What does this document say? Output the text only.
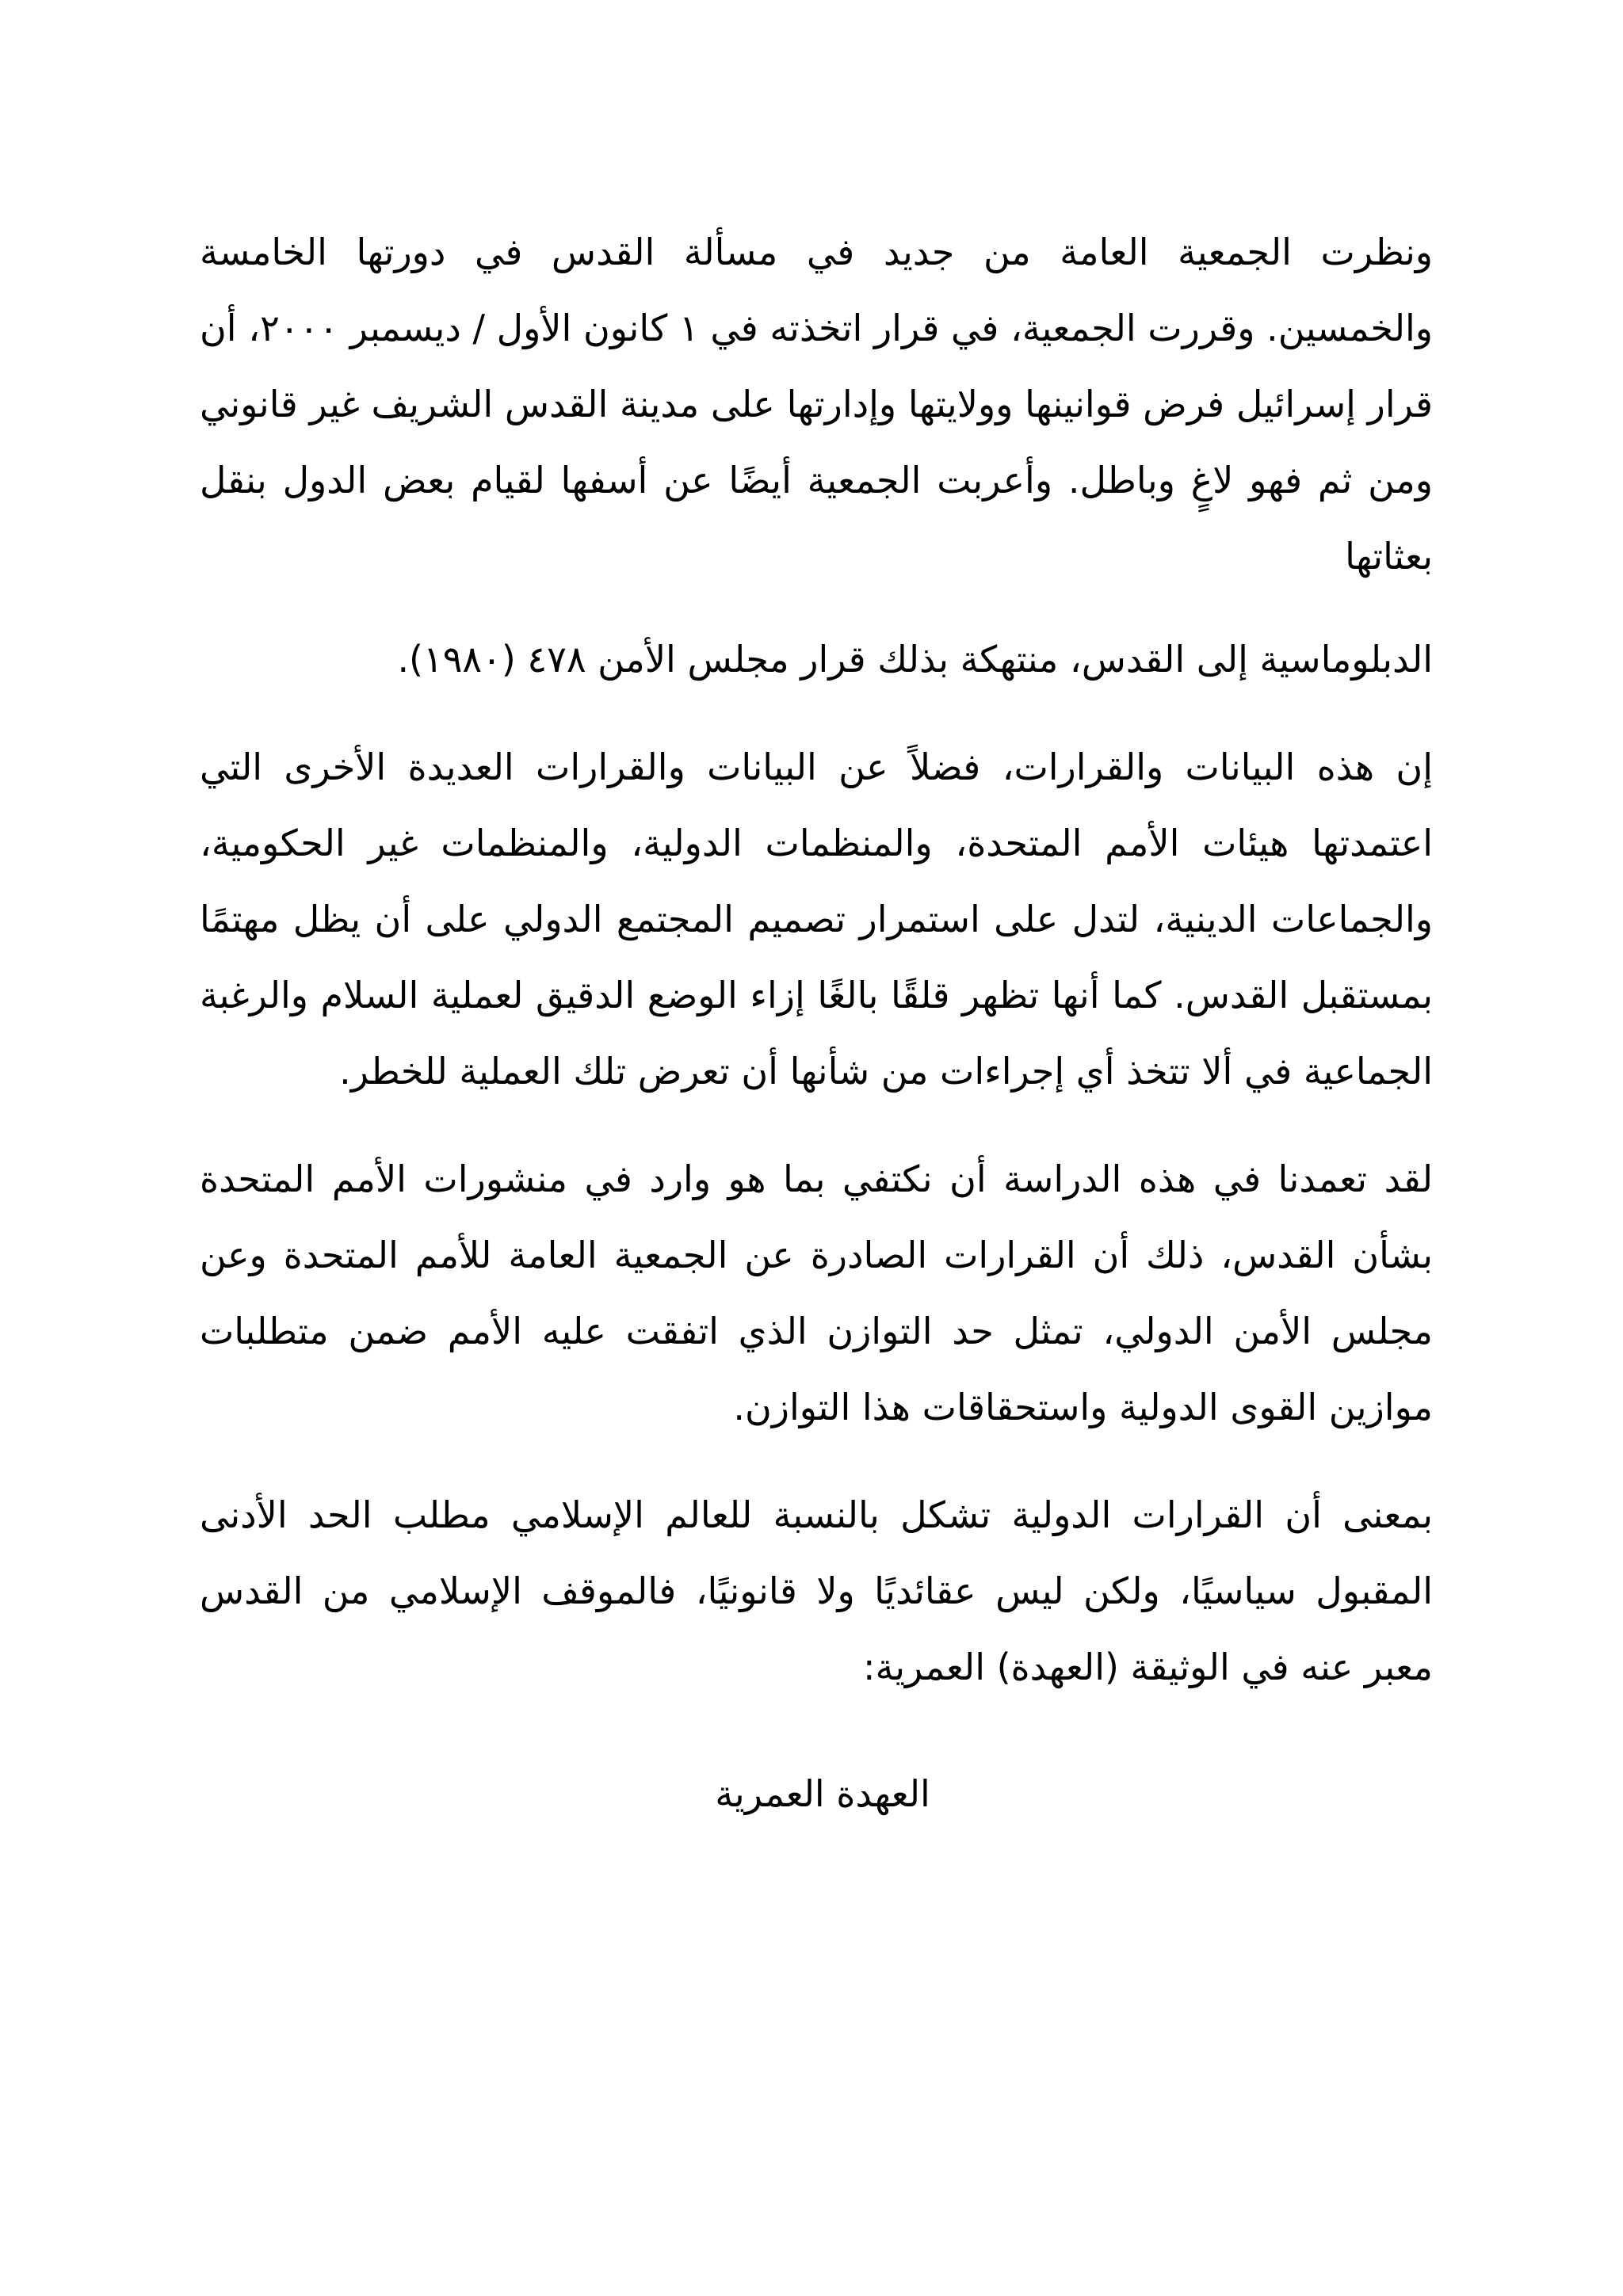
ونظرت الجمعية العامة من جديد في مسألة القدس في دورتها الخامسة والخمسين. وقررت الجمعية، في قرار اتخذته في ١ كانون الأول / ديسمبر ٢٠٠٠، أن قرار إسرائيل فرض قوانينها وولايتها وإدارتها على مدينة القدس الشريف غير قانوني ومن ثم فهو لاغٍ وباطل. وأعربت الجمعية أيضًا عن أسفها لقيام بعض الدول بنقل بعثاتها

الدبلوماسية إلى القدس، منتهكة بذلك قرار مجلس الأمن ٤٧٨ (١٩٨٠).

إن هذه البيانات والقرارات، فضلاً عن البيانات والقرارات العديدة الأخرى التي اعتمدتها هيئات الأمم المتحدة، والمنظمات الدولية، والمنظمات غير الحكومية، والجماعات الدينية، لتدل على استمرار تصميم المجتمع الدولي على أن يظل مهتمًا بمستقبل القدس. كما أنها تظهر قلقًا بالغًا إزاء الوضع الدقيق لعملية السلام والرغبة الجماعية في ألا تتخذ أي إجراءات من شأنها أن تعرض تلك العملية للخطر.

لقد تعمدنا في هذه الدراسة أن نكتفي بما هو وارد في منشورات الأمم المتحدة بشأن القدس، ذلك أن القرارات الصادرة عن الجمعية العامة للأمم المتحدة وعن مجلس الأمن الدولي، تمثل حد التوازن الذي اتفقت عليه الأمم ضمن متطلبات موازين القوى الدولية واستحقاقات هذا التوازن.

بمعنى أن القرارات الدولية تشكل بالنسبة للعالم الإسلامي مطلب الحد الأدنى المقبول سياسيًا، ولكن ليس عقائديًا ولا قانونيًا، فالموقف الإسلامي من القدس معبر عنه في الوثيقة (العهدة) العمرية:

العهدة العمرية
